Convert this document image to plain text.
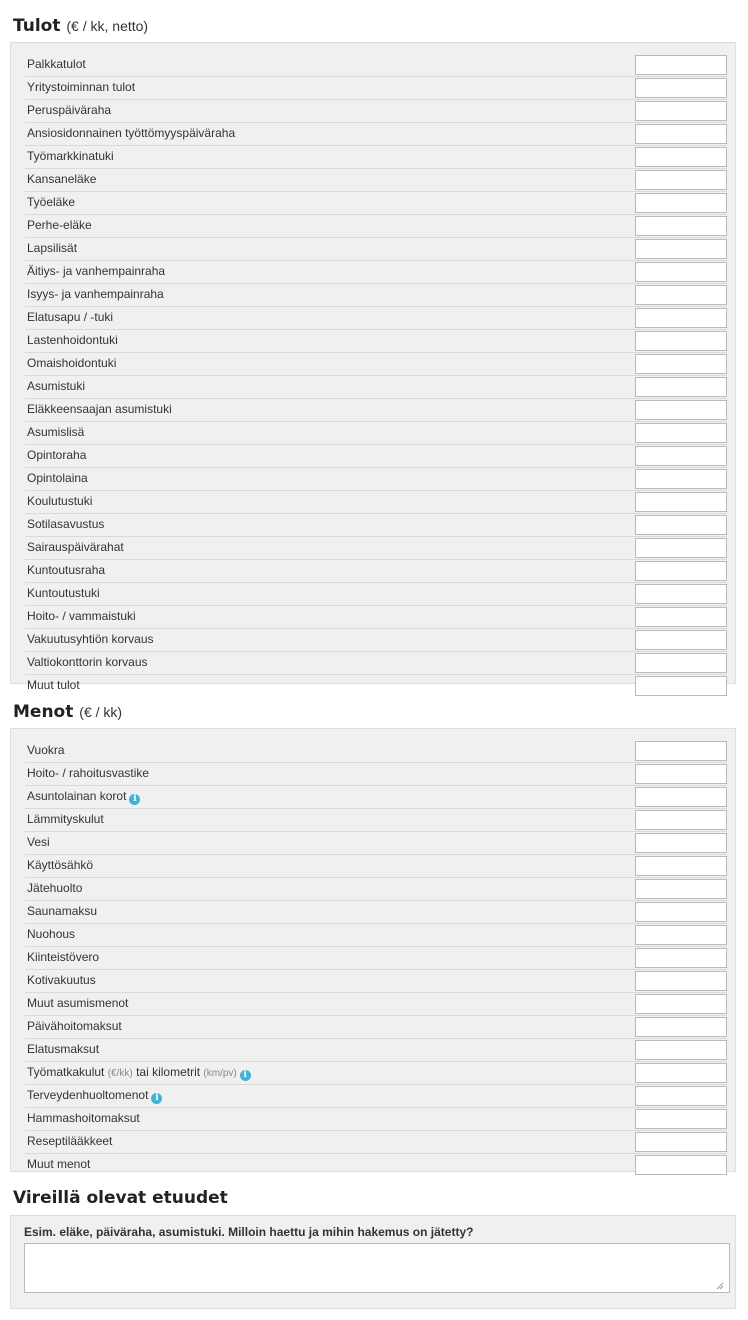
Tulot (€ / kk, netto)
Palkkatulot
Yritystoiminnan tulot
Peruspäiväraha
Ansiosidonnainen työttömyyspäiväraha
Työmarkkinatuki
Kansaneläke
Työeläke
Perhe-eläke
Lapsilisät
Äitiys- ja vanhempainraha
Isyys- ja vanhempainraha
Elatusapu / -tuki
Lastenhoidontuki
Omaishoidontuki
Asumistuki
Eläkkeensaajan asumistuki
Asumislisä
Opintoraha
Opintolaina
Koulutustuki
Sotilasavustus
Sairauspäivärahat
Kuntoutusraha
Kuntoutustuki
Hoito- / vammaistuki
Vakuutusyhtiön korvaus
Valtiokonttorin korvaus
Muut tulot
Menot (€ / kk)
Vuokra
Hoito- / rahoitusvastike
Asuntolainan korot i
Lämmityskulut
Vesi
Käyttösähkö
Jätehuolto
Saunamaksu
Nuohous
Kiinteistövero
Kotivakuutus
Muut asumismenot
Päivähoitomaksut
Elatusmaksut
Työmatkakulut (€/kk) tai kilometrit (km/pv) i
Terveydenhuoltomenot i
Hammashoitomaksut
Reseptilääkkeet
Muut menot
Vireillä olevat etuudet
Esim. eläke, päiväraha, asumistuki. Milloin haettu ja mihin hakemus on jätetty?
